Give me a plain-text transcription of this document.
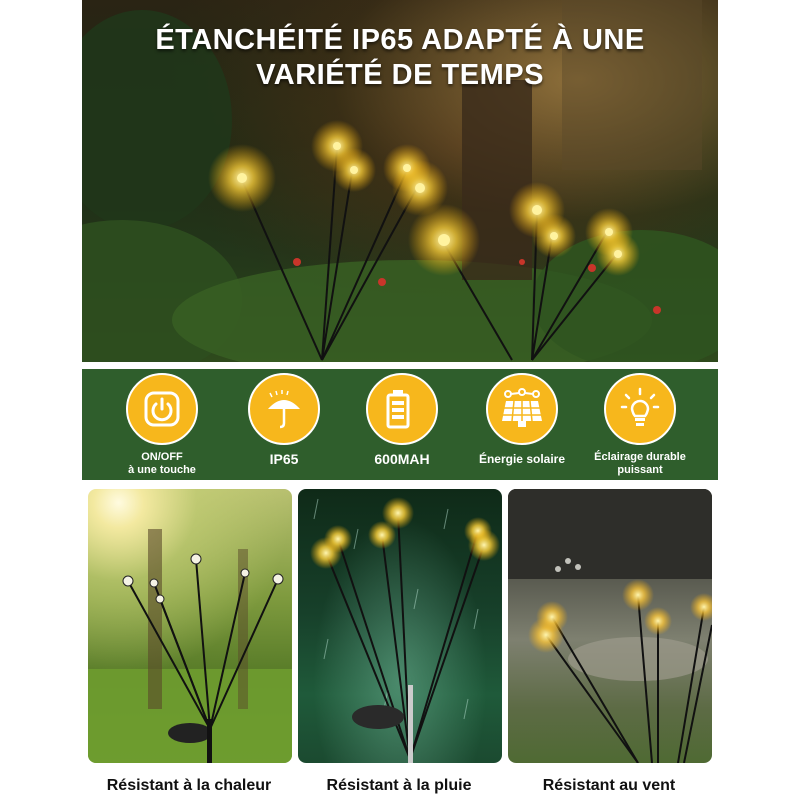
ÉTANCHÉITÉ IP65 ADAPTÉ À UNE
VARIÉTÉ DE TEMPS
ON/OFF
à une touche
IP65	600MAH	Énergie solaire	Éclairage durable
puissant
Résistant à la chaleur	Résistant à la pluie	Résistant au vent
